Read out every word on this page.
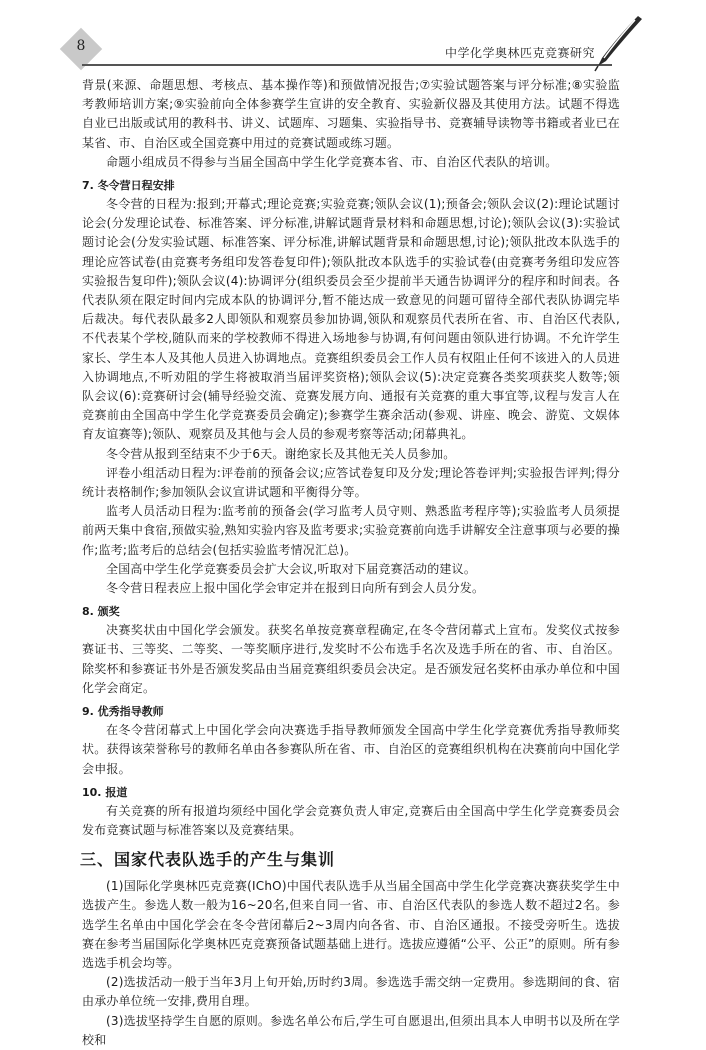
8	中学化学奥林匹克竞赛研究

背景(来源、命题思想、考核点、基本操作等)和预做情况报告;⑦实验试题答案与评分标准;⑧实验监考教师培训方案;⑨实验前向全体参赛学生宣讲的安全教育、实验新仪器及其使用方法。试题不得选自业已出版或试用的教科书、讲义、试题库、习题集、实验指导书、竞赛辅导读物等书籍或者业已在某省、市、自治区或全国竞赛中用过的竞赛试题或练习题。

命题小组成员不得参与当届全国高中学生化学竞赛本省、市、自治区代表队的培训。

7. 冬令营日程安排

冬令营的日程为:报到;开幕式;理论竞赛;实验竞赛;领队会议(1);预备会;领队会议(2):理论试题讨论会(分发理论试卷、标准答案、评分标准,讲解试题背景材料和命题思想,讨论);领队会议(3):实验试题讨论会(分发实验试题、标准答案、评分标准,讲解试题背景和命题思想,讨论);领队批改本队选手的理论应答试卷(由竞赛考务组印发答卷复印件);领队批改本队选手的实验试卷(由竞赛考务组印发应答实验报告复印件);领队会议(4):协调评分(组织委员会至少提前半天通告协调评分的程序和时间表。各代表队须在限定时间内完成本队的协调评分,暂不能达成一致意见的问题可留待全部代表队协调完毕后裁决。每代表队最多2人即领队和观察员参加协调,领队和观察员代表所在省、市、自治区代表队,不代表某个学校,随队而来的学校教师不得进入场地参与协调,有何问题由领队进行协调。不允许学生家长、学生本人及其他人员进入协调地点。竞赛组织委员会工作人员有权阻止任何不该进入的人员进入协调地点,不听劝阻的学生将被取消当届评奖资格);领队会议(5):决定竞赛各类奖项获奖人数等;领队会议(6):竞赛研讨会(辅导经验交流、竞赛发展方向、通报有关竞赛的重大事宜等,议程与发言人在竞赛前由全国高中学生化学竞赛委员会确定);参赛学生赛余活动(参观、讲座、晚会、游览、文娱体育友谊赛等);领队、观察员及其他与会人员的参观考察等活动;闭幕典礼。

冬令营从报到至结束不少于6天。谢绝家长及其他无关人员参加。

评卷小组活动日程为:评卷前的预备会议;应答试卷复印及分发;理论答卷评判;实验报告评判;得分统计表格制作;参加领队会议宣讲试题和平衡得分等。

监考人员活动日程为:监考前的预备会(学习监考人员守则、熟悉监考程序等);实验监考人员须提前两天集中食宿,预做实验,熟知实验内容及监考要求;实验竞赛前向选手讲解安全注意事项与必要的操作;监考;监考后的总结会(包括实验监考情况汇总)。

全国高中学生化学竞赛委员会扩大会议,听取对下届竞赛活动的建议。

冬令营日程表应上报中国化学会审定并在报到日向所有到会人员分发。

8. 颁奖

决赛奖状由中国化学会颁发。获奖名单按竞赛章程确定,在冬令营闭幕式上宣布。发奖仪式按参赛证书、三等奖、二等奖、一等奖顺序进行,发奖时不公布选手名次及选手所在的省、市、自治区。除奖杯和参赛证书外是否颁发奖品由当届竞赛组织委员会决定。是否颁发冠名奖杯由承办单位和中国化学会商定。

9. 优秀指导教师

在冬令营闭幕式上中国化学会向决赛选手指导教师颁发全国高中学生化学竞赛优秀指导教师奖状。获得该荣誉称号的教师名单由各参赛队所在省、市、自治区的竞赛组织机构在决赛前向中国化学会申报。

10. 报道

有关竞赛的所有报道均须经中国化学会竞赛负责人审定,竞赛后由全国高中学生化学竞赛委员会发布竞赛试题与标准答案以及竞赛结果。

三、国家代表队选手的产生与集训

(1)国际化学奥林匹克竞赛(IChO)中国代表队选手从当届全国高中学生化学竞赛决赛获奖学生中选拔产生。参选人数一般为16~20名,但来自同一省、市、自治区代表队的参选人数不超过2名。参选学生名单由中国化学会在冬令营闭幕后2~3周内向各省、市、自治区通报。不接受旁听生。选拔赛在参考当届国际化学奥林匹克竞赛预备试题基础上进行。选拔应遵循“公平、公正”的原则。所有参选选手机会均等。

(2)选拔活动一般于当年3月上旬开始,历时约3周。参选选手需交纳一定费用。参选期间的食、宿由承办单位统一安排,费用自理。

(3)选拔坚持学生自愿的原则。参选名单公布后,学生可自愿退出,但须出具本人申明书以及所在学校和
